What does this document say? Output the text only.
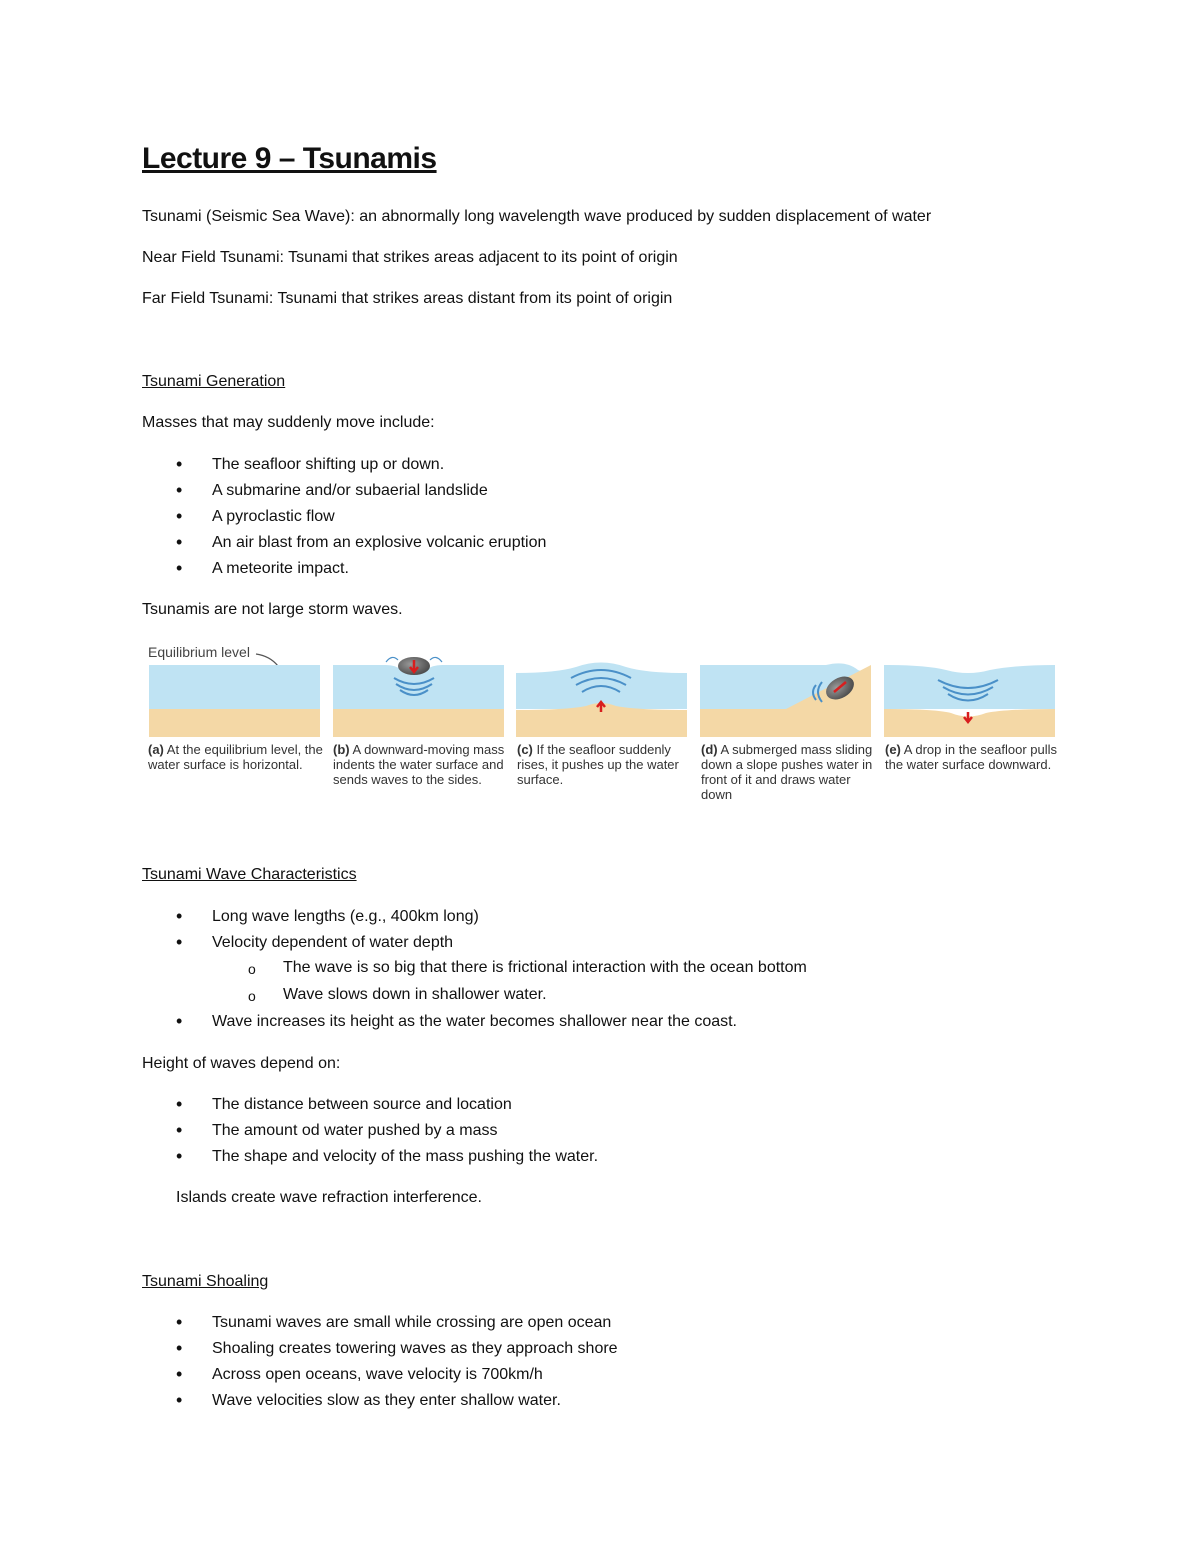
Lecture 9 – Tsunamis
Tsunami (Seismic Sea Wave): an abnormally long wavelength wave produced by sudden displacement of water
Near Field Tsunami: Tsunami that strikes areas adjacent to its point of origin
Far Field Tsunami: Tsunami that strikes areas distant from its point of origin
Tsunami Generation
Masses that may suddenly move include:
• The seafloor shifting up or down.
• A submarine and/or subaerial landslide
• A pyroclastic flow
• An air blast from an explosive volcanic eruption
• A meteorite impact.
Tsunamis are not large storm waves.
Equilibrium level
(a) At the equilibrium level, the water surface is horizontal.
(b) A downward-moving mass indents the water surface and sends waves to the sides.
(c) If the seafloor suddenly rises, it pushes up the water surface.
(d) A submerged mass sliding down a slope pushes water in front of it and draws water down
(e) A drop in the seafloor pulls the water surface downward.
Tsunami Wave Characteristics
• Long wave lengths (e.g., 400km long)
• Velocity dependent of water depth
o The wave is so big that there is frictional interaction with the ocean bottom
o Wave slows down in shallower water.
• Wave increases its height as the water becomes shallower near the coast.
Height of waves depend on:
• The distance between source and location
• The amount od water pushed by a mass
• The shape and velocity of the mass pushing the water.
Islands create wave refraction interference.
Tsunami Shoaling
• Tsunami waves are small while crossing are open ocean
• Shoaling creates towering waves as they approach shore
• Across open oceans, wave velocity is 700km/h
• Wave velocities slow as they enter shallow water.
